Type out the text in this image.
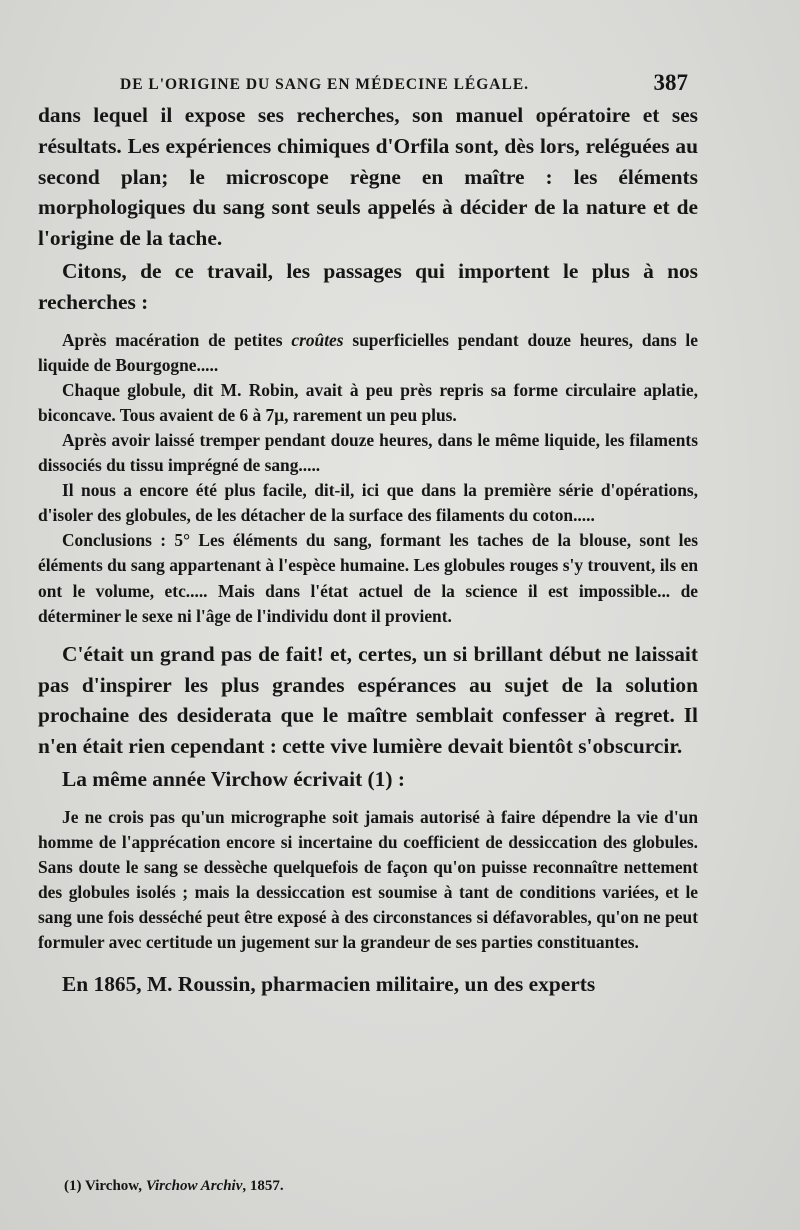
DE L'ORIGINE DU SANG EN MÉDECINE LÉGALE.	387

dans lequel il expose ses recherches, son manuel opératoire et ses résultats. Les expériences chimiques d'Orfila sont, dès lors, reléguées au second plan; le microscope règne en maître : les éléments morphologiques du sang sont seuls appelés à décider de la nature et de l'origine de la tache.

Citons, de ce travail, les passages qui importent le plus à nos recherches :

Après macération de petites croûtes superficielles pendant douze heures, dans le liquide de Bourgogne.....

Chaque globule, dit M. Robin, avait à peu près repris sa forme circulaire aplatie, biconcave. Tous avaient de 6 à 7μ, rarement un peu plus.

Après avoir laissé tremper pendant douze heures, dans le même liquide, les filaments dissociés du tissu imprégné de sang.....

Il nous a encore été plus facile, dit-il, ici que dans la première série d'opérations, d'isoler des globules, de les détacher de la surface des filaments du coton.....

Conclusions : 5° Les éléments du sang, formant les taches de la blouse, sont les éléments du sang appartenant à l'espèce humaine. Les globules rouges s'y trouvent, ils en ont le volume, etc..... Mais dans l'état actuel de la science il est impossible... de déterminer le sexe ni l'âge de l'individu dont il provient.

C'était un grand pas de fait! et, certes, un si brillant début ne laissait pas d'inspirer les plus grandes espérances au sujet de la solution prochaine des desiderata que le maître semblait confesser à regret. Il n'en était rien cependant : cette vive lumière devait bientôt s'obscurcir.

La même année Virchow écrivait (1) :

Je ne crois pas qu'un micrographe soit jamais autorisé à faire dépendre la vie d'un homme de l'apprécation encore si incertaine du coefficient de dessiccation des globules. Sans doute le sang se dessèche quelquefois de façon qu'on puisse reconnaître nettement des globules isolés ; mais la dessiccation est soumise à tant de conditions variées, et le sang une fois desséché peut être exposé à des circonstances si défavorables, qu'on ne peut formuler avec certitude un jugement sur la grandeur de ses parties constituantes.

En 1865, M. Roussin, pharmacien militaire, un des experts

(1) Virchow, Virchow Archiv, 1857.
